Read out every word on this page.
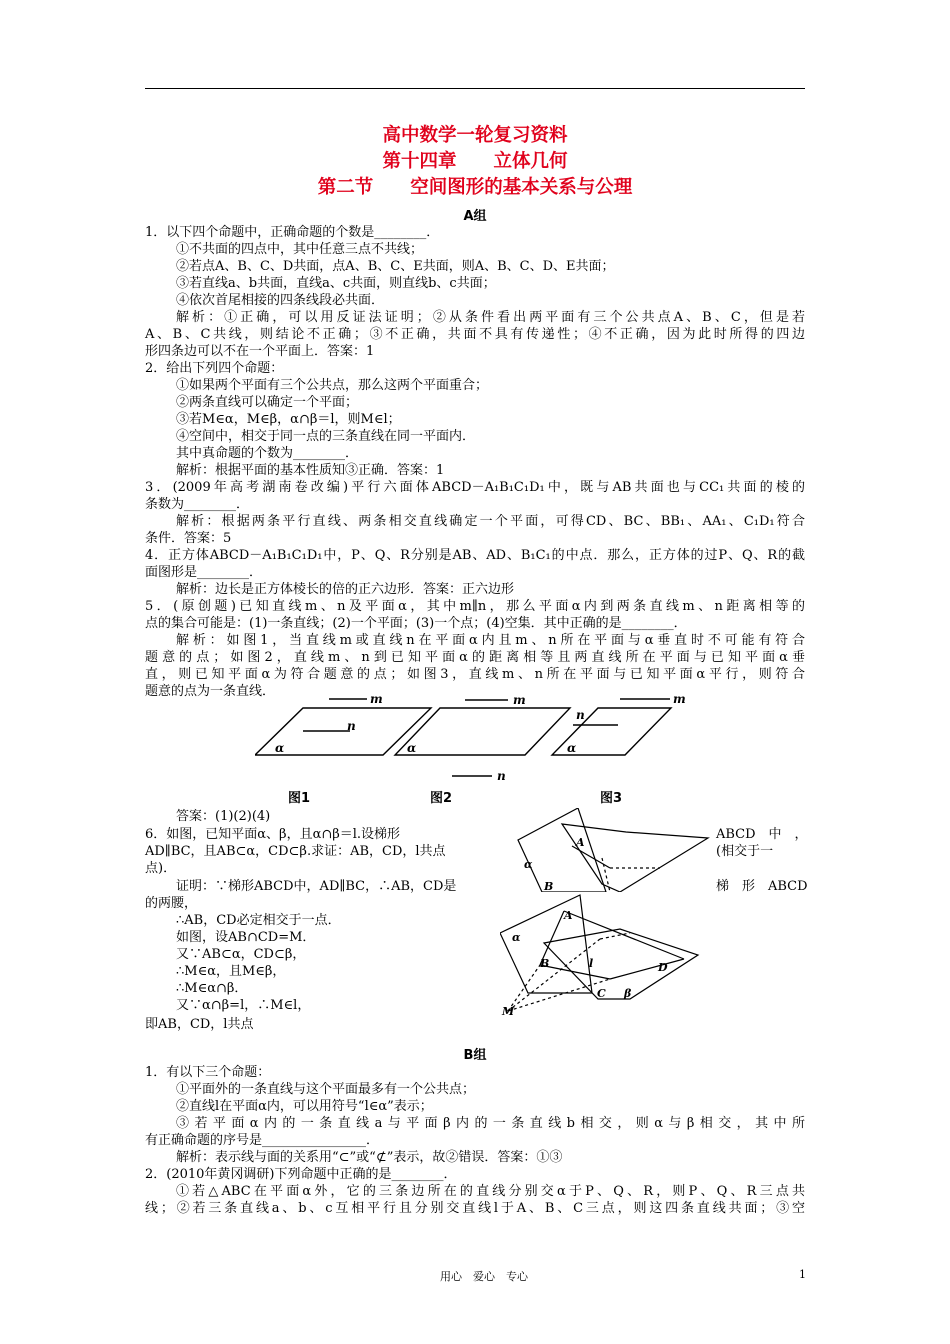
高中数学一轮复习资料
第十四章　　立体几何
第二节　　空间图形的基本关系与公理
A组
1．以下四个命题中，正确命题的个数是________．
①不共面的四点中，其中任意三点不共线；
②若点A、B、C、D共面，点A、B、C、E共面，则A、B、C、D、E共面；
③若直线a、b共面，直线a、c共面，则直线b、c共面；
④依次首尾相接的四条线段必共面．
解析：①正确，可以用反证法证明；②从条件看出两平面有三个公共点A、B、C，但是若
A、B、C共线，则结论不正确；③不正确，共面不具有传递性；④不正确，因为此时所得的四边
形四条边可以不在一个平面上．答案：1
2．给出下列四个命题：
①如果两个平面有三个公共点，那么这两个平面重合；
②两条直线可以确定一个平面；
③若M∈α，M∈β，α∩β＝l，则M∈l；
④空间中，相交于同一点的三条直线在同一平面内．
其中真命题的个数为________．
解析：根据平面的基本性质知③正确．答案：1
3．(2009年高考湖南卷改编)平行六面体ABCD－A₁B₁C₁D₁中，既与AB共面也与CC₁共面的棱的
条数为________．
解析：根据两条平行直线、两条相交直线确定一个平面，可得CD、BC、BB₁、AA₁、C₁D₁符合
条件．答案：5
4．正方体ABCD－A₁B₁C₁D₁中，P、Q、R分别是AB、AD、B₁C₁的中点．那么，正方体的过P、Q、R的截
面图形是________．
解析：边长是正方体棱长的倍的正六边形．答案：正六边形
5．(原创题)已知直线m、n及平面α，其中m∥n，那么平面α内到两条直线m、n距离相等的
点的集合可能是：(1)一条直线；(2)一个平面；(3)一个点；(4)空集．其中正确的是________．
解析：如图1，当直线m或直线n在平面α内且m、n所在平面与α垂直时不可能有符合
题意的点；如图2，直线m、n到已知平面α的距离相等且两直线所在平面与已知平面α垂
直，则已知平面α为符合题意的点；如图3，直线m、n所在平面与已知平面α平行，则符合
题意的点为一条直线．	m
n
α
m
n
α
m
n
α
图1	图2	图3
答案：(1)(2)(4)
6．如图，已知平面α、β，且α∩β＝l.设梯形	ABCD　中　，
AD∥BC，且AB⊂α，CD⊂β.求证：AB，CD，l共点	(相交于一
点)．
证明：∵梯形ABCD中，AD∥BC，∴AB，CD是	梯　形　ABCD
的两腰，
∴AB，CD必定相交于一点．
如图，设AB∩CD=M．
又∵AB⊂α，CD⊂β，
∴M∈α，且M∈β，
∴M∈α∩β．
又∵α∩β=l，∴M∈l，
即AB，CD，l共点
A
α
B
A
α
B	l	D
C β
M
B组
1．有以下三个命题：
①平面外的一条直线与这个平面最多有一个公共点；
②直线l在平面α内，可以用符号“l∈α”表示；
③若平面α内的一条直线a与平面β内的一条直线b相交，则α与β相交，其中所
有正确命题的序号是________________．
解析：表示线与面的关系用“⊂”或“⊄”表示，故②错误．答案：①③
2．(2010年黄冈调研)下列命题中正确的是________．
①若△ABC在平面α外，它的三条边所在的直线分别交α于P、Q、R，则P、Q、R三点共
线；②若三条直线a、b、c互相平行且分别交直线l于A、B、C三点，则这四条直线共面；③空
用心　爱心　专心	1
